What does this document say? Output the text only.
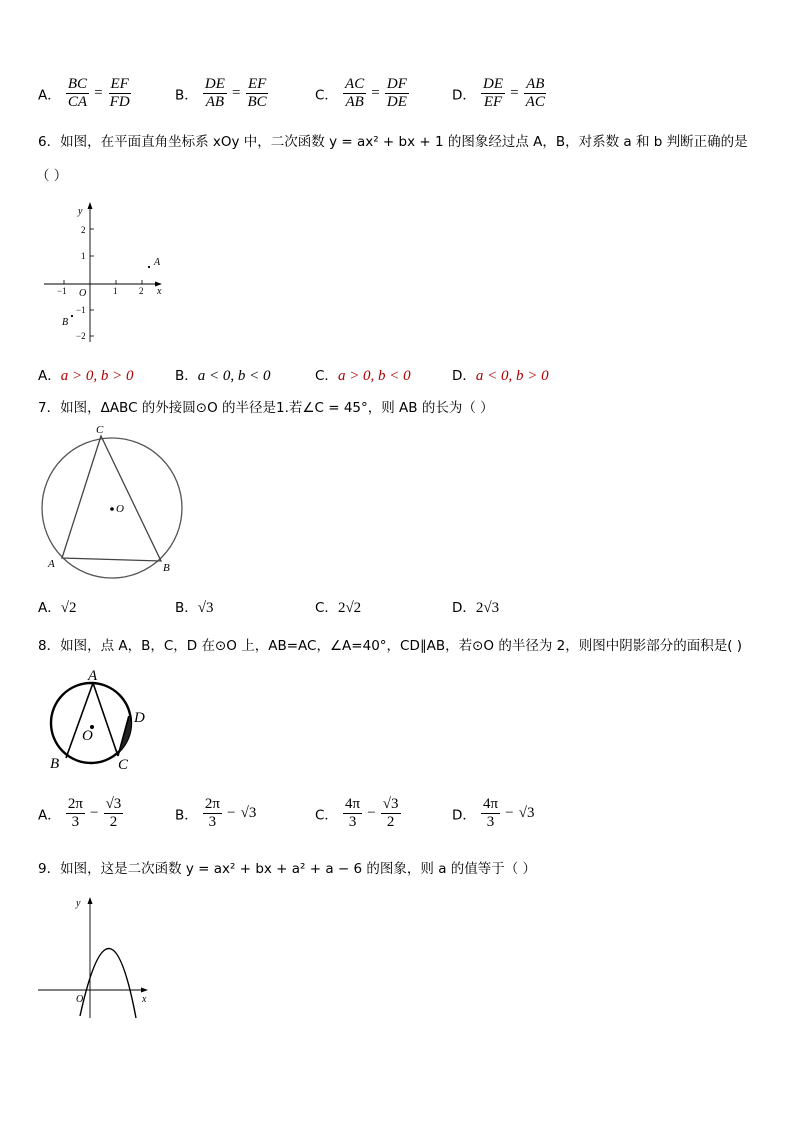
A． $\frac{BC}{CA} = \frac{EF}{FD}$	B． $\frac{DE}{AB} = \frac{EF}{BC}$	C． $\frac{AC}{AB} = \frac{DF}{DE}$	D． $\frac{DE}{EF} = \frac{AB}{AC}$
6．如图，在平面直角坐标系 xOy 中，二次函数 y = ax² + bx + 1 的图象经过点 A，B，对系数 a 和 b 判断正确的是
（ ）
y
x
O
2
1
−1
−2
−1	1 2
A
B
A．a > 0, b > 0	B．a < 0, b < 0	C．a > 0, b < 0	D．a < 0, b > 0
7．如图，ΔABC 的外接圆⊙O 的半径是1.若∠C = 45°，则 AB 的长为（ ）
O
C
A	B
A．√2	B．√3	C．2√2	D．2√3
8．如图，点 A，B，C，D 在⊙O 上，AB=AC，∠A=40°，CD∥AB，若⊙O 的半径为 2，则图中阴影部分的面积是( )
O
A
B	C
D
A． $\frac{2\pi}{3} - \frac{√3}{2}$	B． $\frac{2\pi}{3} - √3$	C． $\frac{4\pi}{3} - \frac{√3}{2}$	D． $\frac{4\pi}{3} - √3$
9．如图，这是二次函数 y = ax² + bx + a² + a − 6 的图象，则 a 的值等于（ ）
y
x
O
